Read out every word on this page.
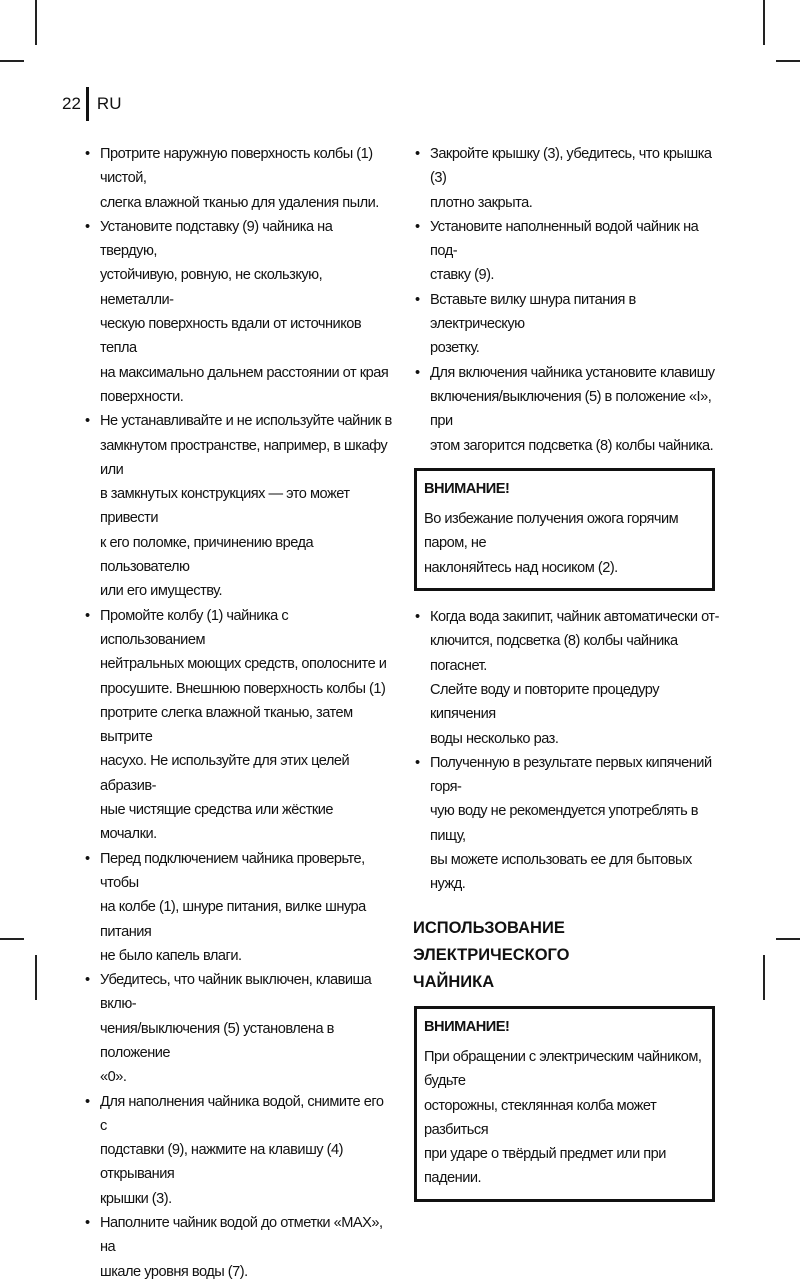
22 RU
• Протрите наружную поверхность колбы (1) чистой,
слегка влажной тканью для удаления пыли.
• Установите подставку (9) чайника на твердую,
устойчивую, ровную, не скользкую, неметалли-
ческую поверхность вдали от источников тепла
на максимально дальнем расстоянии от края
поверхности.
• Не устанавливайте и не используйте чайник в
замкнутом пространстве, например, в шкафу или
в замкнутых конструкциях — это может привести
к его поломке, причинению вреда пользователю
или его имуществу.
• Промойте колбу (1) чайника с использованием
нейтральных моющих средств, ополосните и
просушите. Внешнюю поверхность колбы (1)
протрите слегка влажной тканью, затем вытрите
насухо. Не используйте для этих целей абразив-
ные чистящие средства или жёсткие мочалки.
• Перед подключением чайника проверьте, чтобы
на колбе (1), шнуре питания, вилке шнура питания
не было капель влаги.
• Убедитесь, что чайник выключен, клавиша вклю-
чения/выключения (5) установлена в положение
«0».
• Для наполнения чайника водой, снимите его с
подставки (9), нажмите на клавишу (4) открывания
крышки (3).
• Наполните чайник водой до отметки «MAX», на
шкале уровня воды (7).
• Закройте крышку (3), убедитесь, что крышка (3)
плотно закрыта.
• Установите наполненный водой чайник на под-
ставку (9).
• Вставьте вилку шнура питания в электрическую
розетку.
• Для включения чайника установите клавишу
включения/выключения (5) в положение «I», при
этом загорится подсветка (8) колбы чайника.
ВНИМАНИЕ!
Во избежание получения ожога горячим паром, не
наклоняйтесь над носиком (2).
• Когда вода закипит, чайник автоматически от-
ключится, подсветка (8) колбы чайника погаснет.
Слейте воду и повторите процедуру кипячения
воды несколько раз.
• Полученную в результате первых кипячений горя-
чую воду не рекомендуется употреблять в пищу,
вы можете использовать ее для бытовых нужд.
ИСПОЛЬЗОВАНИЕ ЭЛЕКТРИЧЕСКОГО
ЧАЙНИКА
ВНИМАНИЕ!
При обращении с электрическим чайником, будьте
осторожны, стеклянная колба может разбиться
при ударе о твёрдый предмет или при падении.
